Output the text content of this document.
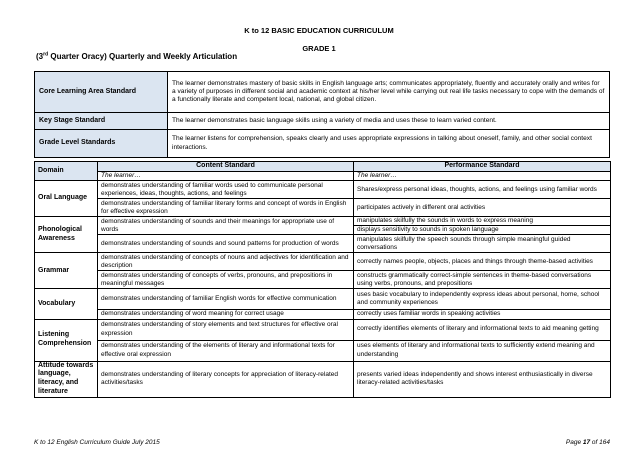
K to 12 BASIC EDUCATION CURRICULUM
GRADE 1
(3rd Quarter Oracy) Quarterly and Weekly Articulation
Core Learning Area Standard	The learner demonstrates mastery of basic skills in English language arts; communicates appropriately, fluently and accurately orally and writes for a variety of purposes in different social and academic context at his/her level while carrying out real life tasks necessary to cope with the demands of a functionally literate and competent local, national, and global citizen.
Key Stage Standard	The learner demonstrates basic language skills using a variety of media and uses these to learn varied content.
Grade Level Standards	The learner listens for comprehension, speaks clearly and uses appropriate expressions in talking about oneself, family, and other social context interactions.
Domain	Content Standard	Performance Standard
	The learner…	The learner…
Oral Language	demonstrates understanding of familiar words used to communicate personal experiences, ideas, thoughts, actions, and feelings	Shares/express personal ideas, thoughts, actions, and feelings using familiar words
	demonstrates understanding of familiar literary forms and concept of words in English for effective expression	participates actively in different oral activities
Phonological Awareness	demonstrates understanding of sounds and their meanings for appropriate use of words	manipulates skilfully the sounds in words to express meaning
		displays sensitivity to sounds in spoken language
	demonstrates understanding of sounds and sound patterns for production of words	manipulates skilfully the speech sounds through simple meaningful guided conversations
Grammar	demonstrates understanding of concepts of nouns and adjectives for identification and description	correctly names people, objects, places and things through theme-based activities
	demonstrates understanding of concepts of verbs, pronouns, and prepositions in meaningful messages	constructs grammatically correct-simple sentences in theme-based conversations using verbs, pronouns, and prepositions
Vocabulary	demonstrates understanding of familiar English words for effective communication	uses basic vocabulary to independently express ideas about personal, home, school and community experiences
	demonstrates understanding of word meaning for correct usage	correctly uses familiar words in speaking activities
Listening Comprehension	demonstrates understanding of story elements and text structures for effective oral expression	correctly identifies elements of literary and informational texts to aid meaning getting
	demonstrates understanding of the elements of literary and informational texts for effective oral expression	uses elements of literary and informational texts to sufficiently extend meaning and understanding
Attitude towards language, literacy, and literature	demonstrates understanding of literary concepts for appreciation of literacy-related activities/tasks	presents varied ideas independently and shows interest enthusiastically in diverse literacy-related activities/tasks
K to 12 English Curriculum Guide July 2015	Page 17 of 164
